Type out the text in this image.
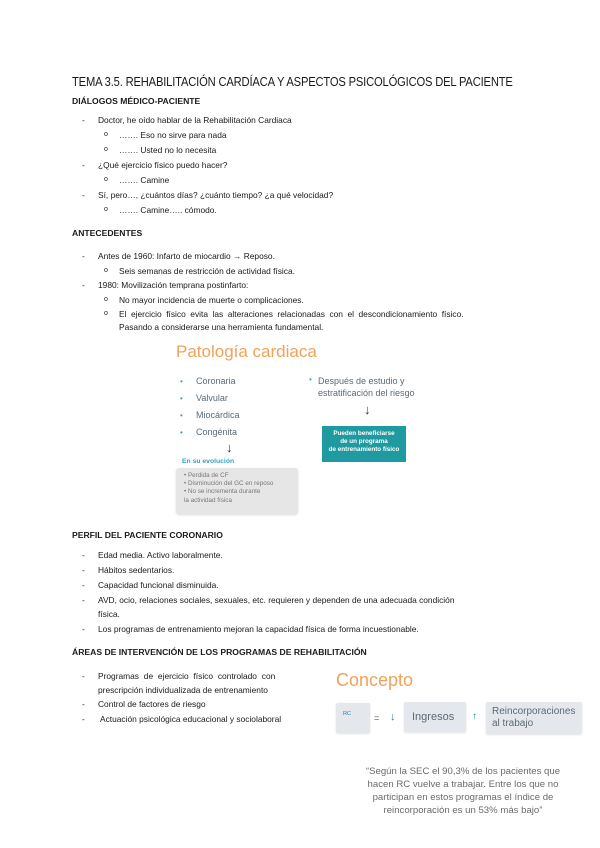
TEMA 3.5. REHABILITACIÓN CARDÍACA Y ASPECTOS PSICOLÓGICOS DEL PACIENTE
DIÁLOGOS MÉDICO-PACIENTE
- Doctor, he oído hablar de la Rehabilitación Cardiaca
o ……. Eso no sirve para nada
o ……. Usted no lo necesita
- ¿Qué ejercicio físico puedo hacer?
o ……. Camine
- Sí, pero…, ¿cuántos días? ¿cuánto tiempo? ¿a qué velocidad?
o ……. Camine….. cómodo.
ANTECEDENTES
- Antes de 1960: Infarto de miocardio → Reposo.
o Seis semanas de restricción de actividad física.
- 1980: Movilización temprana postinfarto:
o No mayor incidencia de muerte o complicaciones.
o El ejercicio físico evita las alteraciones relacionadas con el descondicionamiento físico.
Pasando a considerarse una herramienta fundamental.
Patología cardiaca
• Coronaria
• Valvular
• Miocárdica
• Congénita
↓
En su evolución
• Perdida de CF
• Disminución del GC en reposo
• No se incrementa durante
la actividad física
• Después de estudio y
estratificación del riesgo
↓
Pueden beneficiarse
de un programa
de entrenamiento físico
PERFIL DEL PACIENTE CORONARIO
- Edad media. Activo laboralmente.
- Hábitos sedentarios.
- Capacidad funcional disminuida.
- AVD, ocio, relaciones sociales, sexuales, etc. requieren y dependen de una adecuada condición
física.
- Los programas de entrenamiento mejoran la capacidad física de forma incuestionable.
ÁREAS DE INTERVENCIÓN DE LOS PROGRAMAS DE REHABILITACIÓN
- Programas de ejercicio físico controlado con
prescripción individualizada de entrenamiento
- Control de factores de riesgo
- Actuación psicológica educacional y sociolaboral
Concepto
RC	= ↓ Ingresos ↑ Reincorporaciones
al trabajo
“Según la SEC el 90,3% de los pacientes que
hacen RC vuelve a trabajar. Entre los que no
participan en estos programas el índice de
reincorporación es un 53% más bajo”
